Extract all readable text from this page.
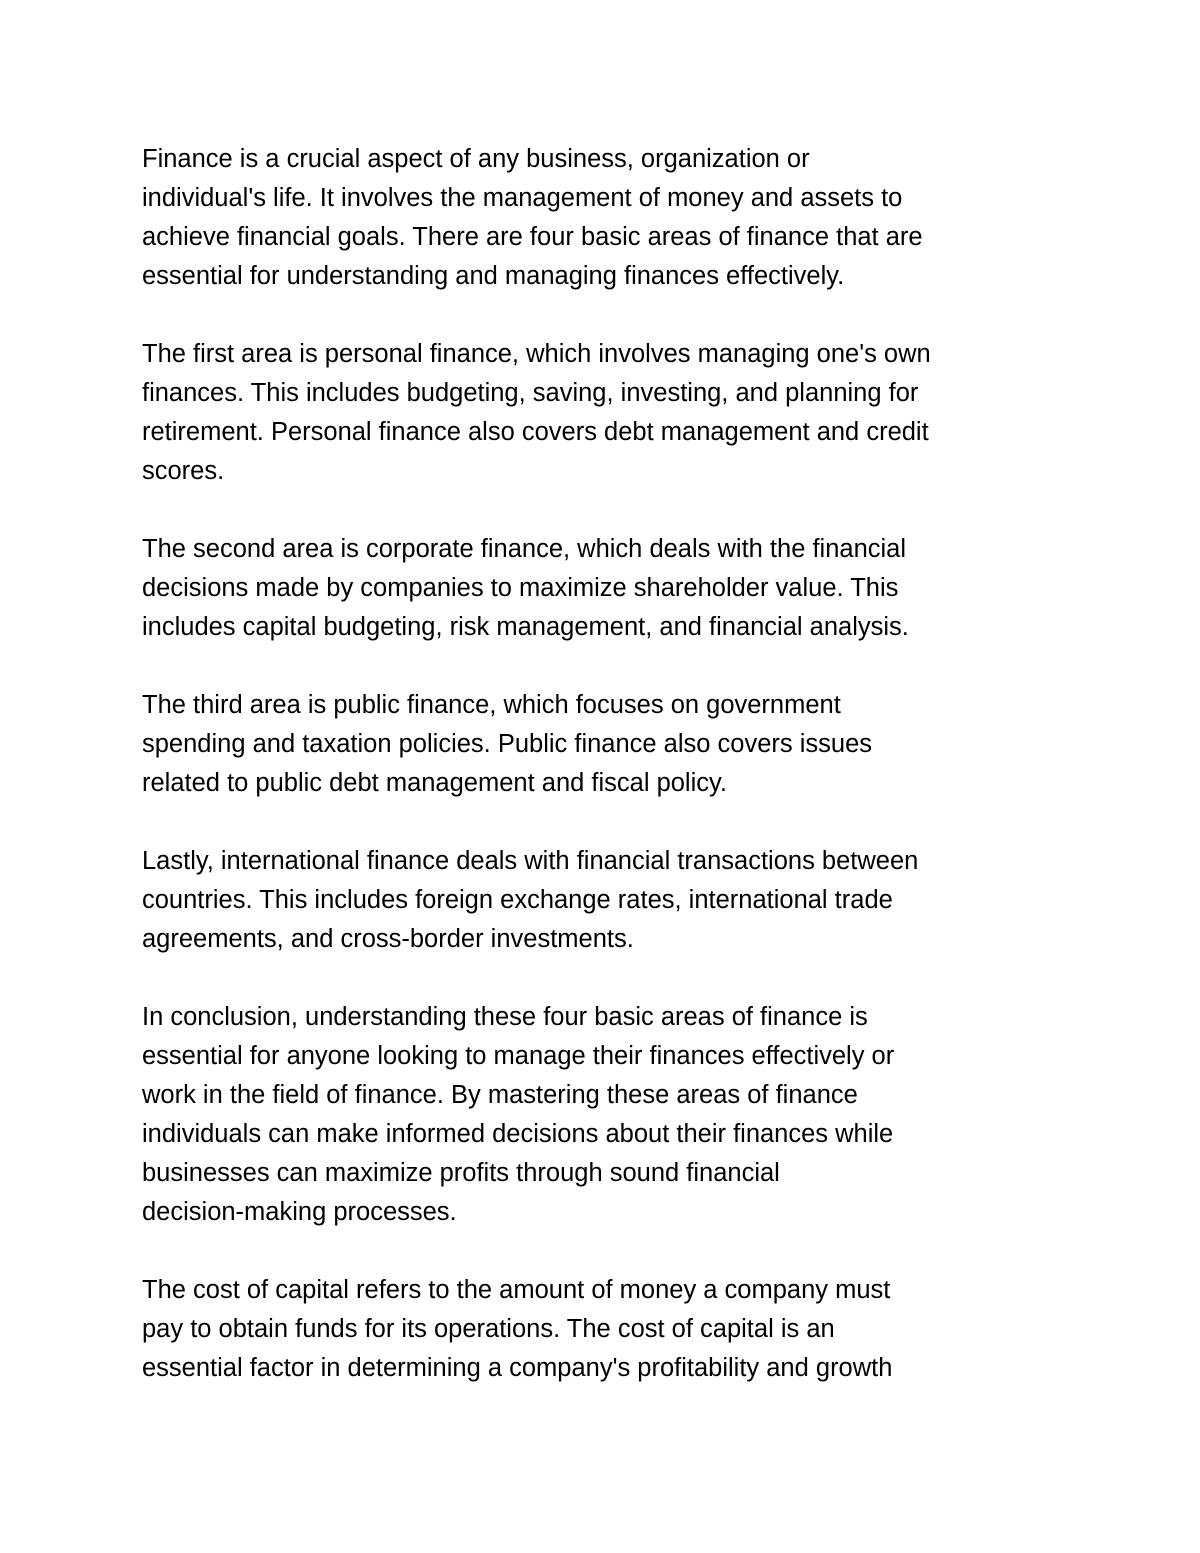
Finance is a crucial aspect of any business, organization or
individual's life. It involves the management of money and assets to
achieve financial goals. There are four basic areas of finance that are
essential for understanding and managing finances effectively.

The first area is personal finance, which involves managing one's own
finances. This includes budgeting, saving, investing, and planning for
retirement. Personal finance also covers debt management and credit
scores.

The second area is corporate finance, which deals with the financial
decisions made by companies to maximize shareholder value. This
includes capital budgeting, risk management, and financial analysis.

The third area is public finance, which focuses on government
spending and taxation policies. Public finance also covers issues
related to public debt management and fiscal policy.

Lastly, international finance deals with financial transactions between
countries. This includes foreign exchange rates, international trade
agreements, and cross-border investments.

In conclusion, understanding these four basic areas of finance is
essential for anyone looking to manage their finances effectively or
work in the field of finance. By mastering these areas of finance
individuals can make informed decisions about their finances while
businesses can maximize profits through sound financial
decision-making processes.

The cost of capital refers to the amount of money a company must
pay to obtain funds for its operations. The cost of capital is an
essential factor in determining a company's profitability and growth
